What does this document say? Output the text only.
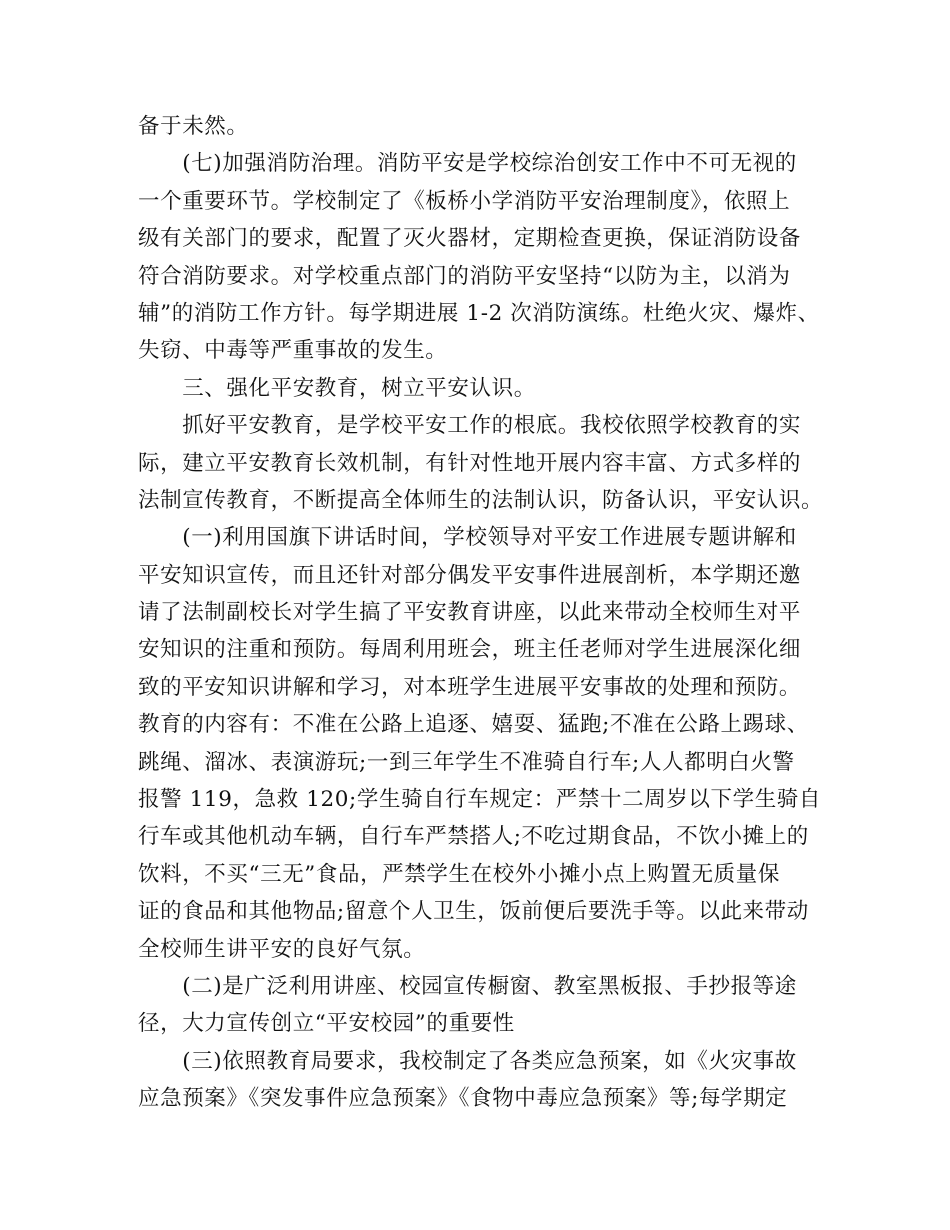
备于未然。
　　(七)加强消防治理。消防平安是学校综治创安工作中不可无视的
一个重要环节。学校制定了《板桥小学消防平安治理制度》，依照上
级有关部门的要求，配置了灭火器材，定期检查更换，保证消防设备
符合消防要求。对学校重点部门的消防平安坚持“以防为主，以消为
辅”的消防工作方针。每学期进展 1-2 次消防演练。杜绝火灾、爆炸、
失窃、中毒等严重事故的发生。
　　三、强化平安教育，树立平安认识。
　　抓好平安教育，是学校平安工作的根底。我校依照学校教育的实
际，建立平安教育长效机制，有针对性地开展内容丰富、方式多样的
法制宣传教育，不断提高全体师生的法制认识，防备认识，平安认识。
　　(一)利用国旗下讲话时间，学校领导对平安工作进展专题讲解和
平安知识宣传，而且还针对部分偶发平安事件进展剖析，本学期还邀
请了法制副校长对学生搞了平安教育讲座，以此来带动全校师生对平
安知识的注重和预防。每周利用班会，班主任老师对学生进展深化细
致的平安知识讲解和学习，对本班学生进展平安事故的处理和预防。
教育的内容有：不准在公路上追逐、嬉耍、猛跑;不准在公路上踢球、
跳绳、溜冰、表演游玩;一到三年学生不准骑自行车;人人都明白火警
报警 119，急救 120;学生骑自行车规定：严禁十二周岁以下学生骑自
行车或其他机动车辆，自行车严禁搭人;不吃过期食品，不饮小摊上的
饮料，不买“三无”食品，严禁学生在校外小摊小点上购置无质量保
证的食品和其他物品;留意个人卫生，饭前便后要洗手等。以此来带动
全校师生讲平安的良好气氛。
　　(二)是广泛利用讲座、校园宣传橱窗、教室黑板报、手抄报等途
径，大力宣传创立“平安校园”的重要性
　　(三)依照教育局要求，我校制定了各类应急预案，如《火灾事故
应急预案》《突发事件应急预案》《食物中毒应急预案》等;每学期定
